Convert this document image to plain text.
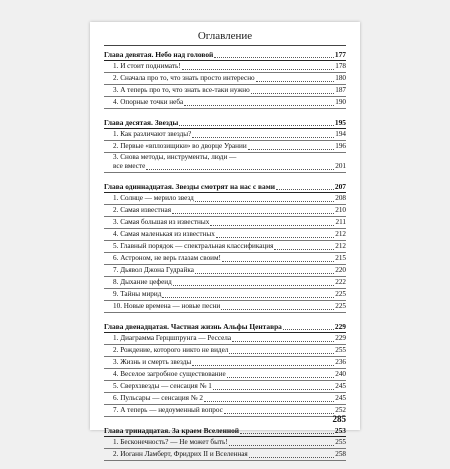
Оглавление
Глава девятая. Небо над головой	177
1. И стоит поднимать!	178
2. Сначала про то, что знать просто интересно	180
3. А теперь про то, что знать все-таки нужно	187
4. Опорные точки неба	190
Глава десятая. Звезды	195
1. Как различают звезды?	194
2. Первые «вплозищики» во дворце Урании	196
3. Снова методы, инструменты, люди —
все вместе	201
Глава одиннадцатая. Звезды смотрят на нас с вами	207
1. Солнце — мерило звезд	208
2. Самая известная	210
3. Самая большая из известных	211
4. Самая маленькая из известных	212
5. Главный порядок — спектральная классификация	212
6. Астроном, не верь глазам своим!	215
7. Дьявол Джона Гудрайка	220
8. Дыхание цефеид	222
9. Тайны мирид	225
10. Новые времена — новые песни	225
Глава двенадцатая. Частная жизнь Альфы Центавра	229
1. Диаграмма Герцшпрунга — Рессела	229
2. Рождение, которого никто не видел	255
3. Жизнь и смерть звезды	236
4. Веселое загробное существование	240
5. Сверхзвезды — сенсация № 1	245
6. Пульсары — сенсация № 2	245
7. А теперь — недоуменный вопрос	252
Глава тринадцатая. За краем Вселенной	253
1. Бесконечность? — Не может быть!	255
2. Иоганн Ламберт, Фридрих II и Вселенная	258
285
